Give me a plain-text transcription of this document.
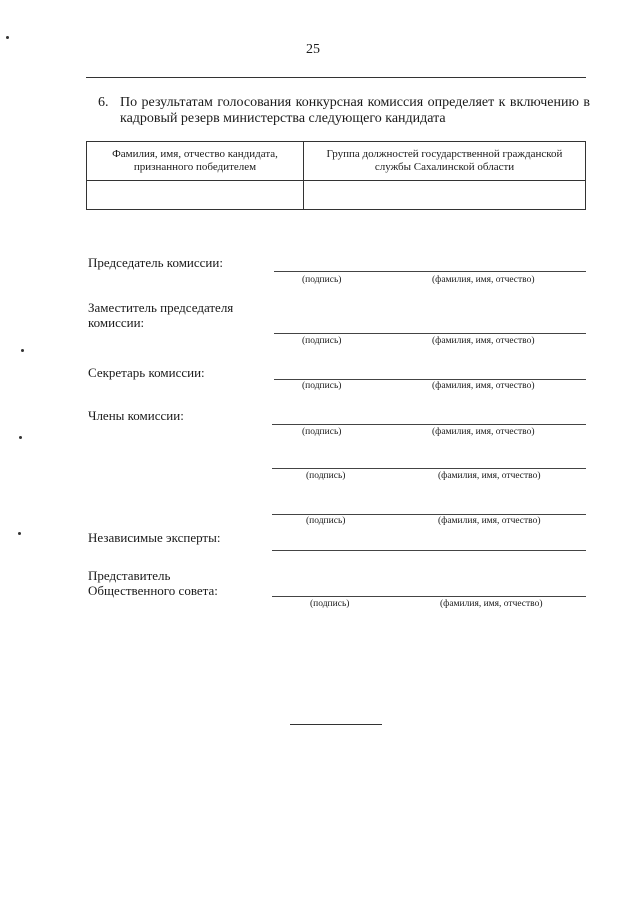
25
6. По результатам голосования конкурсная комиссия определяет к включению в кадровый резерв министерства следующего кандидата
Фамилия, имя, отчество кандидата, признанного победителем	Группа должностей государственной гражданской службы Сахалинской области

Председатель комиссии:
(подпись)	(фамилия, имя, отчество)
Заместитель председателя комиссии:
(подпись)	(фамилия, имя, отчество)
Секретарь комиссии:
(подпись)	(фамилия, имя, отчество)
Члены комиссии:
(подпись)	(фамилия, имя, отчество)
(подпись)	(фамилия, имя, отчество)
(подпись)	(фамилия, имя, отчество)
Независимые эксперты:
Представитель Общественного совета:
(подпись)	(фамилия, имя, отчество)
